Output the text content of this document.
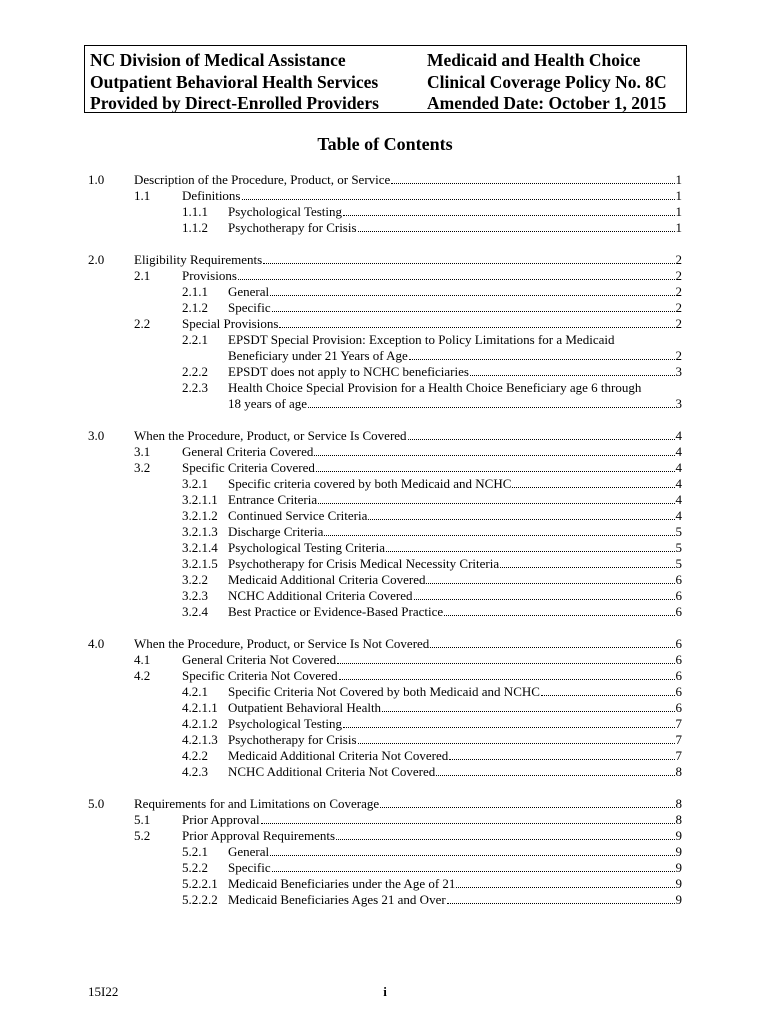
NC Division of Medical Assistance
Outpatient Behavioral Health Services
Provided by Direct-Enrolled Providers
Medicaid and Health Choice
Clinical Coverage Policy No. 8C
Amended Date: October 1, 2015
Table of Contents
1.0 Description of the Procedure, Product, or Service	1
1.1 Definitions	1
1.1.1 Psychological Testing	1
1.1.2 Psychotherapy for Crisis	1
2.0 Eligibility Requirements	2
2.1 Provisions	2
2.1.1 General	2
2.1.2 Specific	2
2.2 Special Provisions	2
2.2.1 EPSDT Special Provision: Exception to Policy Limitations for a Medicaid
Beneficiary under 21 Years of Age	2
2.2.2 EPSDT does not apply to NCHC beneficiaries	3
2.2.3 Health Choice Special Provision for a Health Choice Beneficiary age 6 through
18 years of age	3
3.0 When the Procedure, Product, or Service Is Covered	4
3.1 General Criteria Covered	4
3.2 Specific Criteria Covered	4
3.2.1 Specific criteria covered by both Medicaid and NCHC	4
3.2.1.1 Entrance Criteria	4
3.2.1.2 Continued Service Criteria	4
3.2.1.3 Discharge Criteria	5
3.2.1.4 Psychological Testing Criteria	5
3.2.1.5 Psychotherapy for Crisis Medical Necessity Criteria	5
3.2.2 Medicaid Additional Criteria Covered	6
3.2.3 NCHC Additional Criteria Covered	6
3.2.4 Best Practice or Evidence-Based Practice	6
4.0 When the Procedure, Product, or Service Is Not Covered	6
4.1 General Criteria Not Covered	6
4.2 Specific Criteria Not Covered	6
4.2.1 Specific Criteria Not Covered by both Medicaid and NCHC	6
4.2.1.1 Outpatient Behavioral Health	6
4.2.1.2 Psychological Testing	7
4.2.1.3 Psychotherapy for Crisis	7
4.2.2 Medicaid Additional Criteria Not Covered	7
4.2.3 NCHC Additional Criteria Not Covered	8
5.0 Requirements for and Limitations on Coverage	8
5.1 Prior Approval	8
5.2 Prior Approval Requirements	9
5.2.1 General	9
5.2.2 Specific	9
5.2.2.1 Medicaid Beneficiaries under the Age of 21	9
5.2.2.2 Medicaid Beneficiaries Ages 21 and Over	9
15I22	i
